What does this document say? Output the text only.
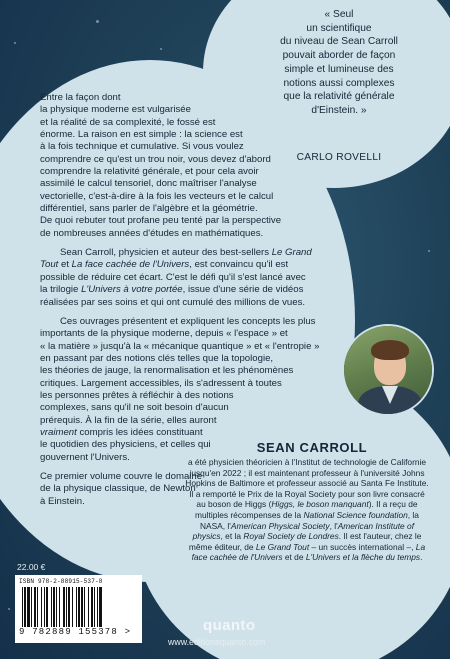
« Seul
un scientifique
du niveau de Sean Carroll
pouvait aborder de façon
simple et lumineuse des
notions aussi complexes
que la relativité générale
d'Einstein. »
CARLO ROVELLI

Entre la façon dont
la physique moderne est vulgarisée
et la réalité de sa complexité, le fossé est
énorme. La raison en est simple : la science est
à la fois technique et cumulative. Si vous voulez
comprendre ce qu'est un trou noir, vous devez d'abord
comprendre la relativité générale, et pour cela avoir
assimilé le calcul tensoriel, donc maîtriser l'analyse
vectorielle, c'est-à-dire à la fois les vecteurs et le calcul
différentiel, sans parler de l'algèbre et la géométrie.
De quoi rebuter tout profane peu tenté par la perspective
de nombreuses années d'études en mathématiques.

Sean Carroll, physicien et auteur des best-sellers Le Grand
Tout et La face cachée de l'Univers, est convaincu qu'il est
possible de réduire cet écart. C'est le défi qu'il s'est lancé avec
la trilogie L'Univers à votre portée, issue d'une série de vidéos
réalisées par ses soins et qui ont cumulé des millions de vues.

Ces ouvrages présentent et expliquent les concepts les plus
importants de la physique moderne, depuis « l'espace » et
« la matière » jusqu'à la « mécanique quantique » et « l'entropie »
en passant par des notions clés telles que la topologie,
les théories de jauge, la renormalisation et les phénomènes
critiques. Largement accessibles, ils s'adressent à toutes
les personnes prêtes à réfléchir à des notions
complexes, sans qu'il ne soit besoin d'aucun
prérequis. À la fin de la série, elles auront
vraiment compris les idées constituant
le quotidien des physiciens, et celles qui
gouvernent l'Univers.

Ce premier volume couvre le domaine
de la physique classique, de Newton
à Einstein.

SEAN CARROLL
a été physicien théoricien à l'Institut de technologie de Californie jusqu'en 2022 ; il est maintenant professeur à l'université Johns Hopkins de Baltimore et professeur associé au Santa Fe Institute. Il a remporté le Prix de la Royal Society pour son livre consacré au boson de Higgs (Higgs, le boson manquant). Il a reçu de multiples récompenses de la National Science foundation, la NASA, l'American Physical Society, l'American Institute of physics, et la Royal Society de Londres. Il est l'auteur, chez le même éditeur, de Le Grand Tout – un succès international –, La face cachée de l'Univers et de L'Univers et la flèche du temps.
22.00 €
ISBN 978-2-88915-537-8
9 782889 155378 >	quanto
www.editionsquanto.com
